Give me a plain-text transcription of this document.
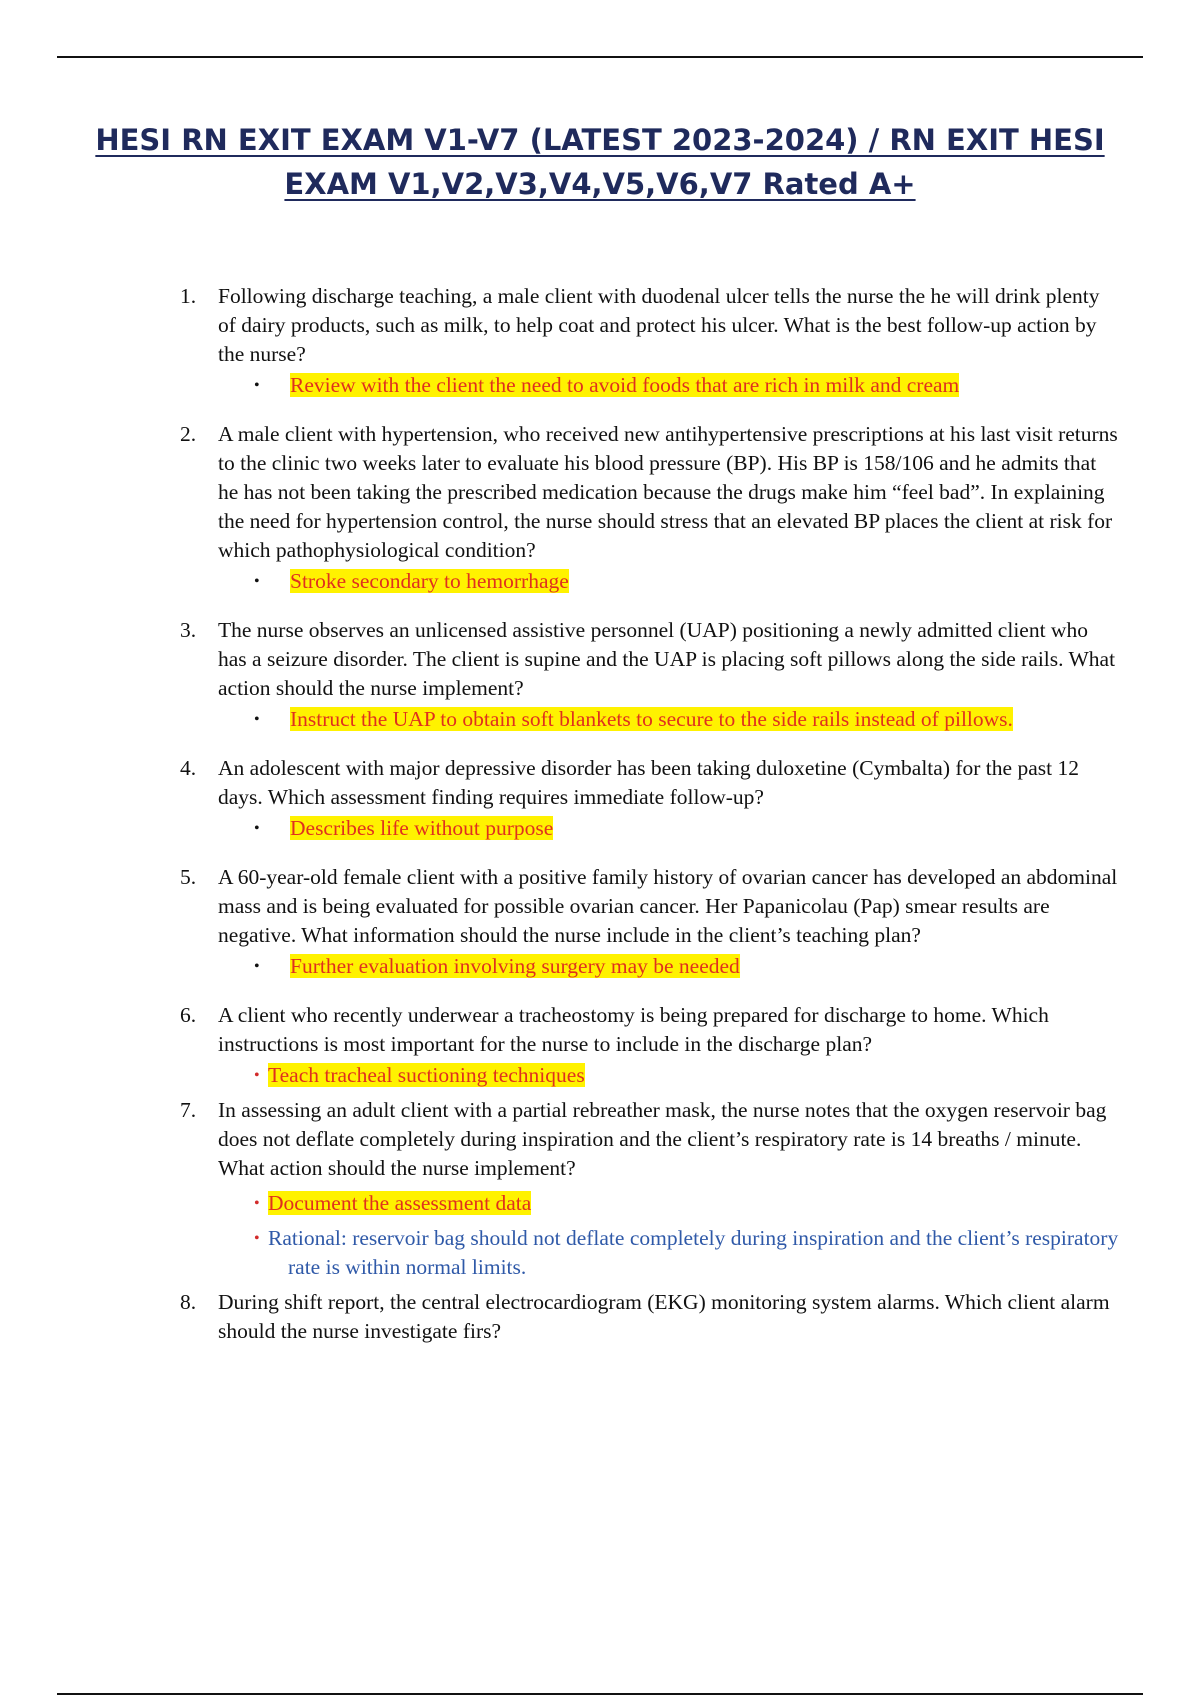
HESI RN EXIT EXAM V1-V7 (LATEST 2023-2024) / RN EXIT HESI
EXAM V1,V2,V3,V4,V5,V6,V7 Rated A+
1. Following discharge teaching, a male client with duodenal ulcer tells the nurse the he will drink plenty of dairy products, such as milk, to help coat and protect his ulcer. What is the best follow-up action by the nurse?
• Review with the client the need to avoid foods that are rich in milk and cream
2. A male client with hypertension, who received new antihypertensive prescriptions at his last visit returns to the clinic two weeks later to evaluate his blood pressure (BP). His BP is 158/106 and he admits that he has not been taking the prescribed medication because the drugs make him “feel bad”. In explaining the need for hypertension control, the nurse should stress that an elevated BP places the client at risk for which pathophysiological condition?
• Stroke secondary to hemorrhage
3. The nurse observes an unlicensed assistive personnel (UAP) positioning a newly admitted client who has a seizure disorder. The client is supine and the UAP is placing soft pillows along the side rails. What action should the nurse implement?
• Instruct the UAP to obtain soft blankets to secure to the side rails instead of pillows.
4. An adolescent with major depressive disorder has been taking duloxetine (Cymbalta) for the past 12 days. Which assessment finding requires immediate follow-up?
• Describes life without purpose
5. A 60-year-old female client with a positive family history of ovarian cancer has developed an abdominal mass and is being evaluated for possible ovarian cancer. Her Papanicolau (Pap) smear results are negative. What information should the nurse include in the client’s teaching plan?
• Further evaluation involving surgery may be needed
6. A client who recently underwear a tracheostomy is being prepared for discharge to home. Which instructions is most important for the nurse to include in the discharge plan?
• Teach tracheal suctioning techniques
7. In assessing an adult client with a partial rebreather mask, the nurse notes that the oxygen reservoir bag does not deflate completely during inspiration and the client’s respiratory rate is 14 breaths / minute. What action should the nurse implement?
• Document the assessment data
• Rational: reservoir bag should not deflate completely during inspiration and the client’s respiratory rate is within normal limits.
8. During shift report, the central electrocardiogram (EKG) monitoring system alarms. Which client alarm should the nurse investigate firs?
